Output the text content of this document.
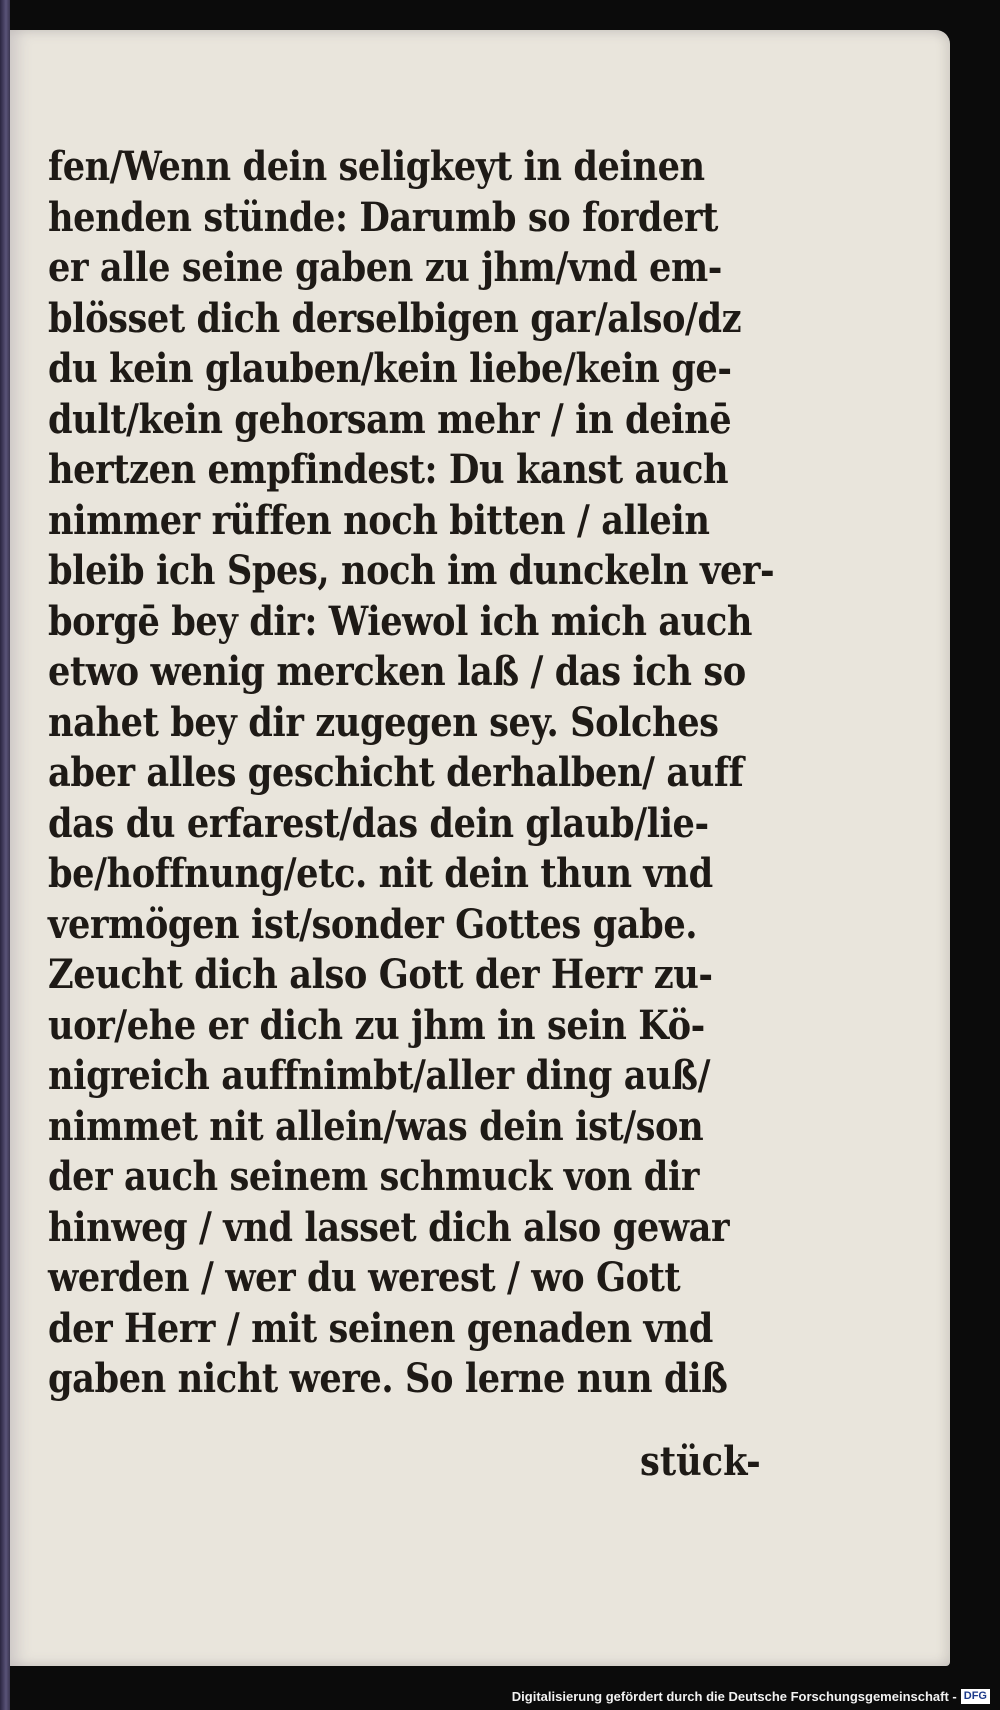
fen/Wenn dein seligkeyt in deinen
henden stünde: Darumb so fordert
er alle seine gaben zu jhm/vnd em-
blösset dich derselbigen gar/also/dz
du kein glauben/kein liebe/kein ge-
dult/kein gehorsam mehr / in deinē
hertzen empfindest: Du kanst auch
nimmer rüffen noch bitten / allein
bleib ich Spes, noch im dunckeln ver-
borgē bey dir: Wiewol ich mich auch
etwo wenig mercken laß / das ich so
nahet bey dir zugegen sey. Solches
aber alles geschicht derhalben/ auff
das du erfarest/das dein glaub/lie-
be/hoffnung/etc. nit dein thun vnd
vermögen ist/sonder Gottes gabe.
Zeucht dich also Gott der Herr zu-
uor/ehe er dich zu jhm in sein Kö-
nigreich auffnimbt/aller ding auß/
nimmet nit allein/was dein ist/son
der auch seinem schmuck von dir
hinweg / vnd lasset dich also gewar
werden / wer du werest / wo Gott
der Herr / mit seinen genaden vnd
gaben nicht were. So lerne nun diß
stück-
Digitalisierung gefördert durch die Deutsche Forschungsgemeinschaft - DFG
